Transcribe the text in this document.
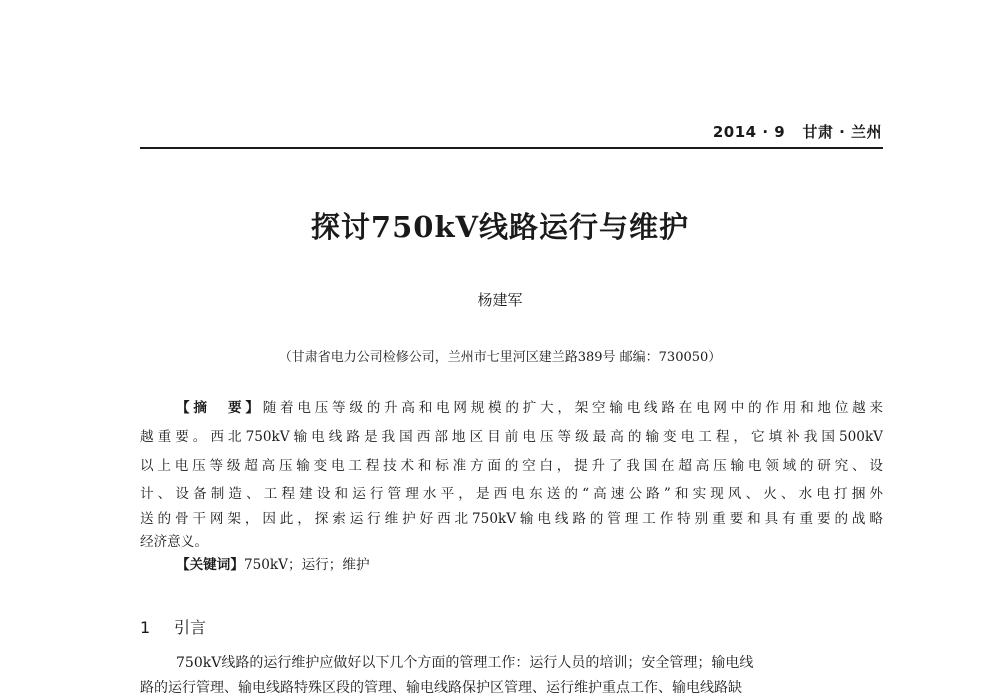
2014 · 9 甘肃 · 兰州
探讨750kV线路运行与维护
杨建军
（甘肃省电力公司检修公司，兰州市七里河区建兰路389号 邮编：730050）
【摘　要】随着电压等级的升高和电网规模的扩大，架空输电线路在电网中的作用和地位越来
越重要。西北750kV输电线路是我国西部地区目前电压等级最高的输变电工程，它填补我国500kV
以上电压等级超高压输变电工程技术和标准方面的空白，提升了我国在超高压输电领域的研究、设
计、设备制造、工程建设和运行管理水平，是西电东送的“高速公路”和实现风、火、水电打捆外
送的骨干网架，因此，探索运行维护好西北750kV输电线路的管理工作特别重要和具有重要的战略
经济意义。
【关键词】750kV；运行；维护
1 引言
750kV线路的运行维护应做好以下几个方面的管理工作：运行人员的培训；安全管理；输电线
路的运行管理、输电线路特殊区段的管理、输电线路保护区管理、运行维护重点工作、输电线路缺
